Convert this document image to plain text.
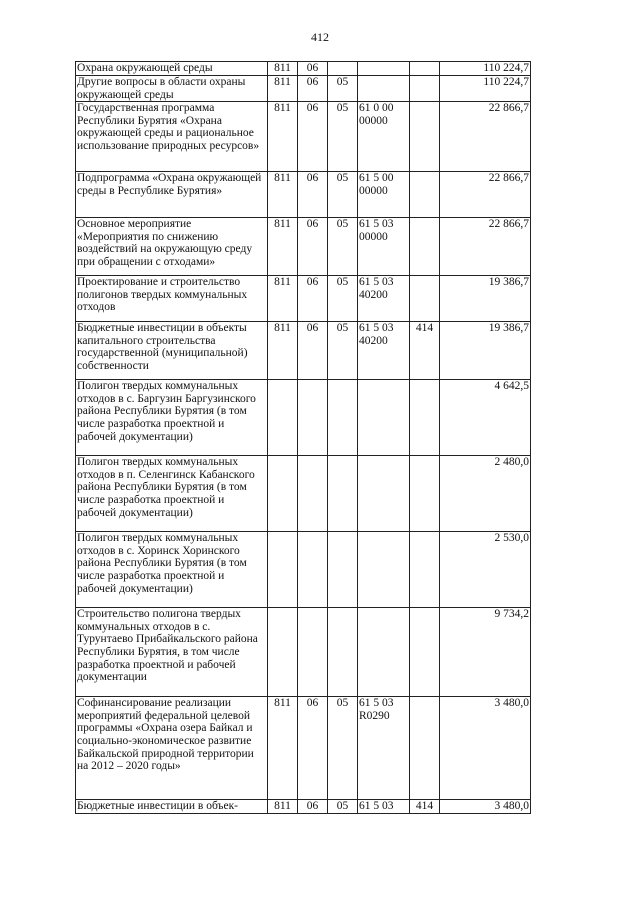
412
Охрана окружающей среды	811	06				110 224,7
Другие вопросы в области охраны окружающей среды	811	06	05			110 224,7
Государственная программа Республики Бурятия «Охрана окружающей среды и рациональное использование природных ресурсов»	811	06	05	61 0 00 00000		22 866,7
Подпрограмма «Охрана окружающей среды в Республике Бурятия»	811	06	05	61 5 00 00000		22 866,7
Основное мероприятие «Мероприятия по снижению воздействий на окружающую среду при обращении с отходами»	811	06	05	61 5 03 00000		22 866,7
Проектирование и строительство полигонов твердых коммунальных отходов	811	06	05	61 5 03 40200		19 386,7
Бюджетные инвестиции в объекты капитального строительства государственной (муниципальной) собственности	811	06	05	61 5 03 40200	414	19 386,7
Полигон твердых коммунальных отходов в с. Баргузин Баргузинского района Республики Бурятия (в том числе разработка проектной и рабочей документации)						4 642,5
Полигон твердых коммунальных отходов в п. Селенгинск Кабанского района Республики Бурятия (в том числе разработка проектной и рабочей документации)						2 480,0
Полигон твердых коммунальных отходов в с. Хоринск Хоринского района Республики Бурятия (в том числе разработка проектной и рабочей документации)						2 530,0
Строительство полигона твердых коммунальных отходов в с. Турунтаево Прибайкальского района Республики Бурятия, в том числе разработка проектной и рабочей документации						9 734,2
Софинансирование реализации мероприятий федеральной целевой программы «Охрана озера Байкал и социально-экономическое развитие Байкальской природной территории на 2012 – 2020 годы»	811	06	05	61 5 03 R0290		3 480,0
Бюджетные инвестиции в объек-	811	06	05	61 5 03	414	3 480,0
